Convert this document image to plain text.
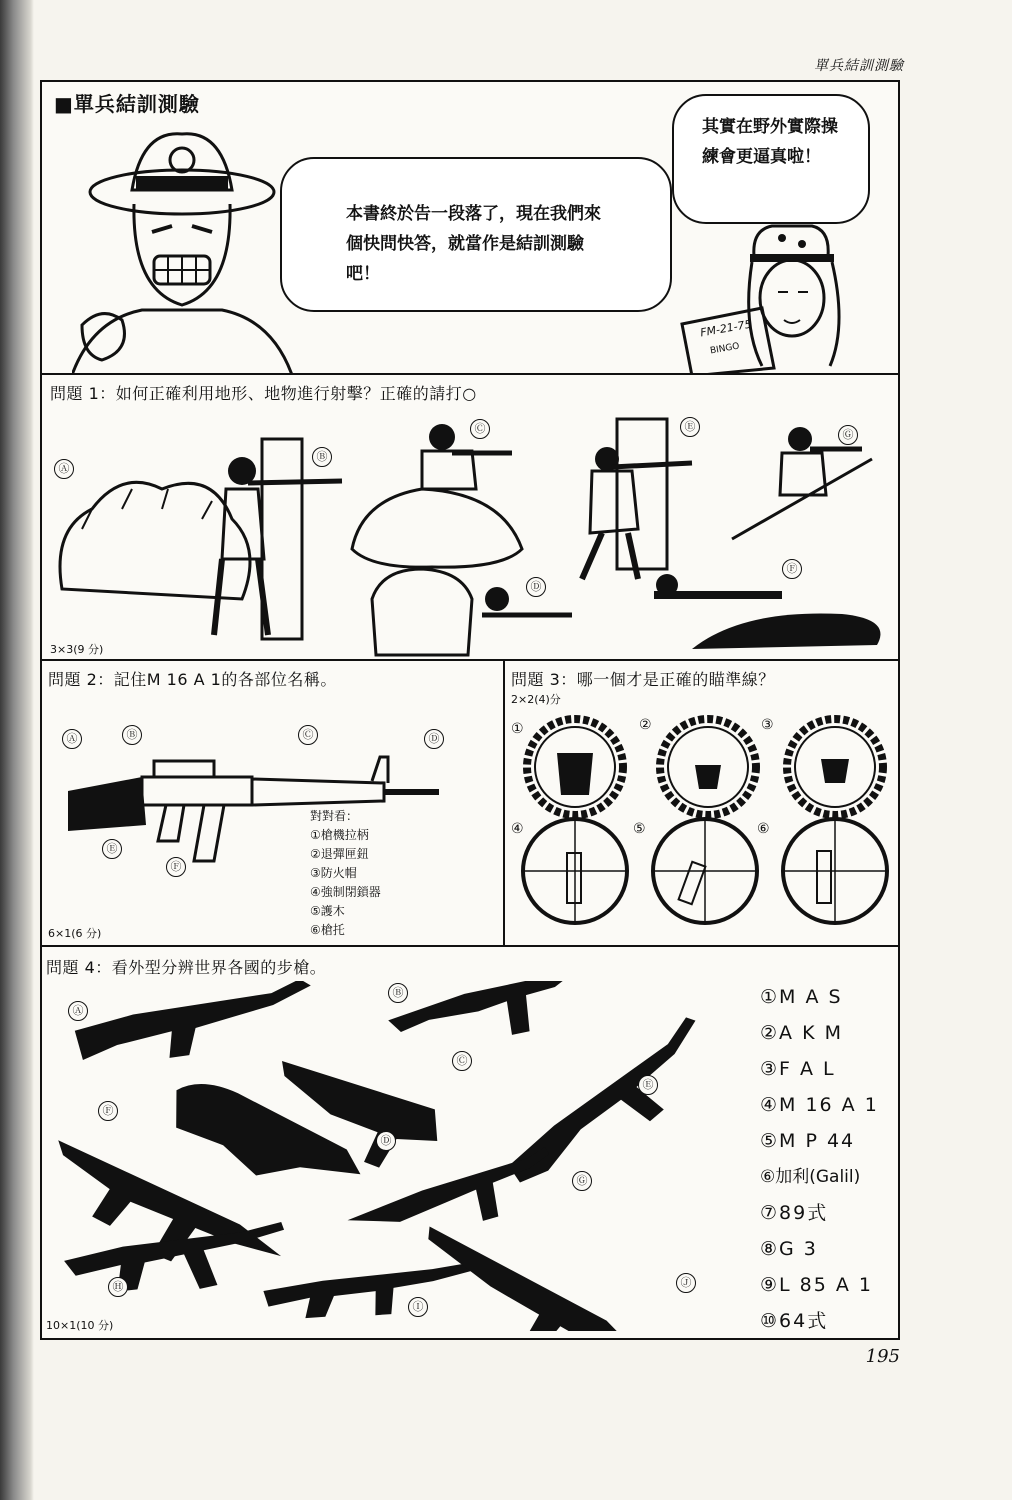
單兵結訓測驗
■單兵結訓測驗
本書終於告一段落了，現在我們來個快問快答，就當作是結訓測驗吧！
其實在野外實際操練會更逼真啦！
FM-21-75
BINGO
問題 1：如何正確利用地形、地物進行射擊？正確的請打○
Ⓐ
Ⓑ
Ⓒ
Ⓓ
Ⓔ
Ⓕ
Ⓖ
3×3(9 分)
問題 2：記住M 16 A 1的各部位名稱。
Ⓐ	Ⓑ	Ⓒ	Ⓓ
Ⓔ
Ⓕ
對對看：
①槍機拉柄
②退彈匣鈕
③防火帽
④強制閉鎖器
⑤護木
⑥槍托
6×1(6 分)
問題 3：哪一個才是正確的瞄準線？
2×2(4)分
①	②	③
④	⑤	⑥
問題 4：看外型分辨世界各國的步槍。
Ⓐ
Ⓑ
Ⓒ
Ⓓ
Ⓔ
Ⓕ
Ⓖ
Ⓗ
Ⓘ
Ⓙ
①M A S
②A K M
③F A L
④M 16 A 1
⑤M P 44
⑥加利(Galil)
⑦89式
⑧G 3
⑨L 85 A 1
⑩64式
10×1(10 分)
195
